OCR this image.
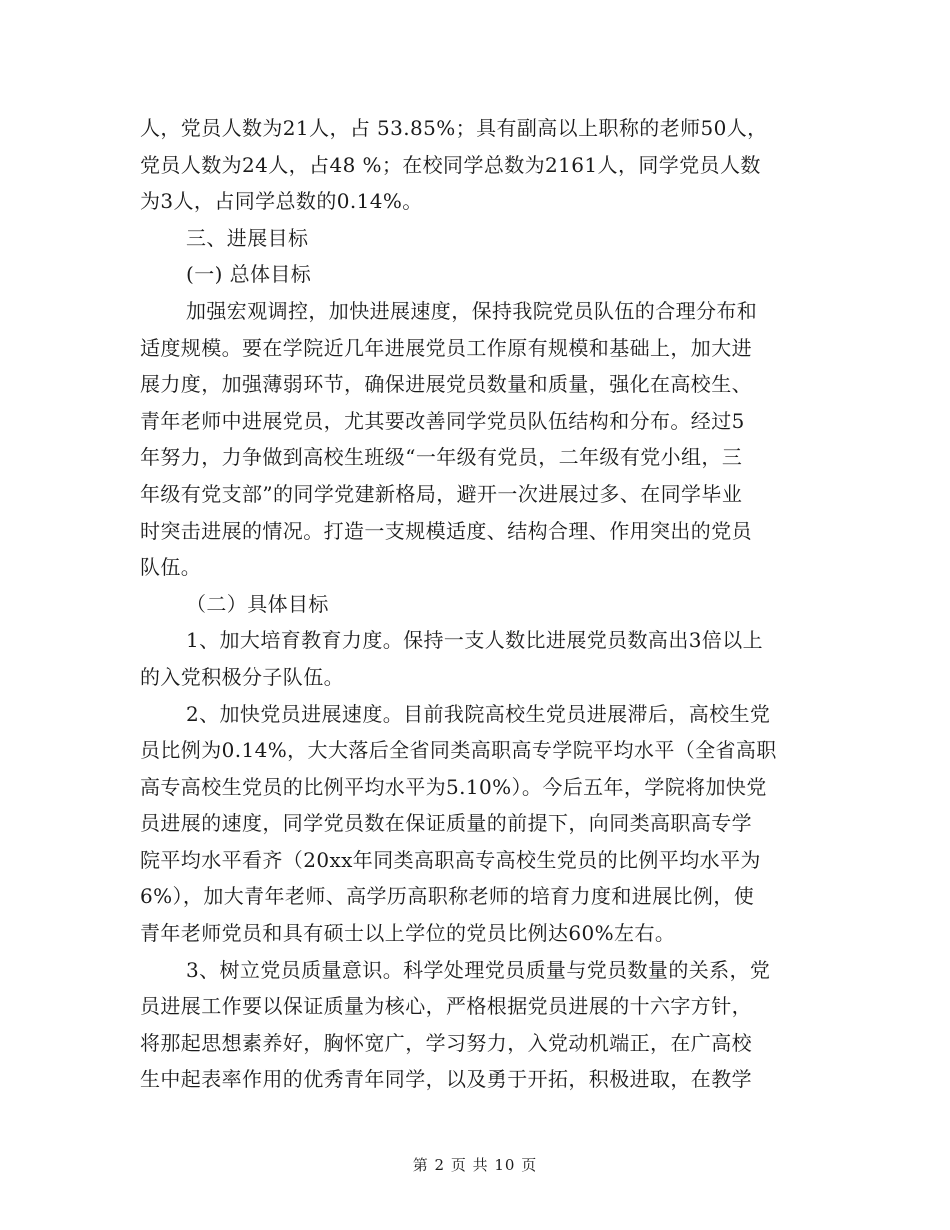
人，党员人数为21人，占 53.85%；具有副高以上职称的老师50人，
党员人数为24人，占48 %；在校同学总数为2161人，同学党员人数
为3人，占同学总数的0.14%。
三、进展目标
(一) 总体目标
加强宏观调控，加快进展速度，保持我院党员队伍的合理分布和
适度规模。要在学院近几年进展党员工作原有规模和基础上，加大进
展力度，加强薄弱环节，确保进展党员数量和质量，强化在高校生、
青年老师中进展党员，尤其要改善同学党员队伍结构和分布。经过5
年努力，力争做到高校生班级“一年级有党员，二年级有党小组，三
年级有党支部”的同学党建新格局，避开一次进展过多、在同学毕业
时突击进展的情况。打造一支规模适度、结构合理、作用突出的党员
队伍。
（二）具体目标
1、加大培育教育力度。保持一支人数比进展党员数高出3倍以上
的入党积极分子队伍。
2、加快党员进展速度。目前我院高校生党员进展滞后，高校生党
员比例为0.14%，大大落后全省同类高职高专学院平均水平（全省高职
高专高校生党员的比例平均水平为5.10%）。今后五年，学院将加快党
员进展的速度，同学党员数在保证质量的前提下，向同类高职高专学
院平均水平看齐（20xx年同类高职高专高校生党员的比例平均水平为
6%），加大青年老师、高学历高职称老师的培育力度和进展比例，使
青年老师党员和具有硕士以上学位的党员比例达60%左右。
3、树立党员质量意识。科学处理党员质量与党员数量的关系，党
员进展工作要以保证质量为核心，严格根据党员进展的十六字方针，
将那起思想素养好，胸怀宽广，学习努力，入党动机端正，在广高校
生中起表率作用的优秀青年同学，以及勇于开拓，积极进取，在教学
第 2 页 共 10 页
